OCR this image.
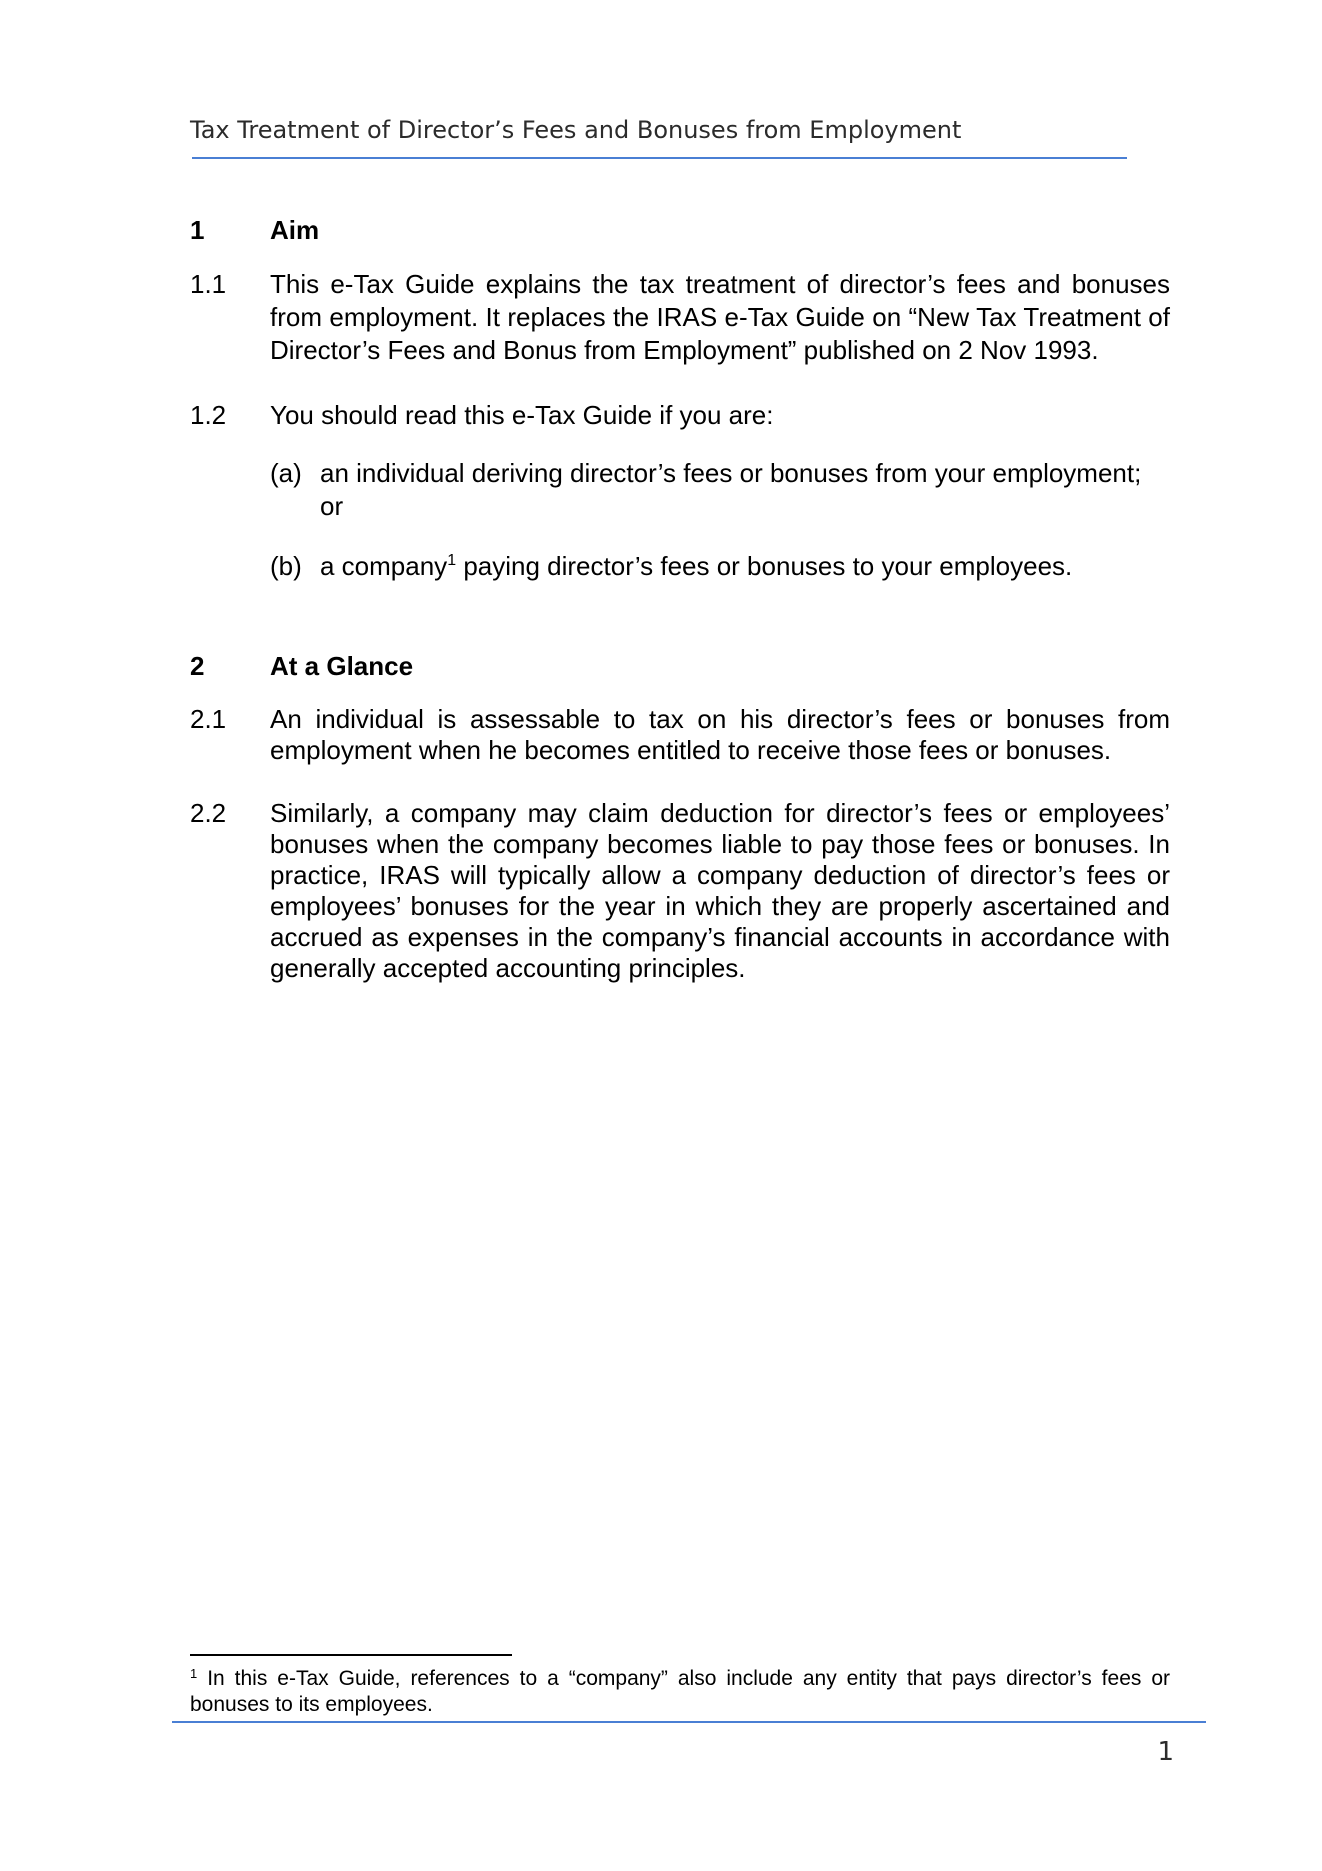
Tax Treatment of Director’s Fees and Bonuses from Employment
1	Aim
1.1	This e-Tax Guide explains the tax treatment of director’s fees and bonuses from employment. It replaces the IRAS e-Tax Guide on “New Tax Treatment of Director’s Fees and Bonus from Employment” published on 2 Nov 1993.
1.2	You should read this e-Tax Guide if you are:
(a) an individual deriving director’s fees or bonuses from your employment; or
(b) a company$^1$ paying director’s fees or bonuses to your employees.
2	At a Glance
2.1	An individual is assessable to tax on his director’s fees or bonuses from employment when he becomes entitled to receive those fees or bonuses.
2.2	Similarly, a company may claim deduction for director’s fees or employees’ bonuses when the company becomes liable to pay those fees or bonuses. In practice, IRAS will typically allow a company deduction of director’s fees or employees’ bonuses for the year in which they are properly ascertained and accrued as expenses in the company’s financial accounts in accordance with generally accepted accounting principles.
$^1$ In this e-Tax Guide, references to a “company” also include any entity that pays director’s fees or bonuses to its employees.
1
